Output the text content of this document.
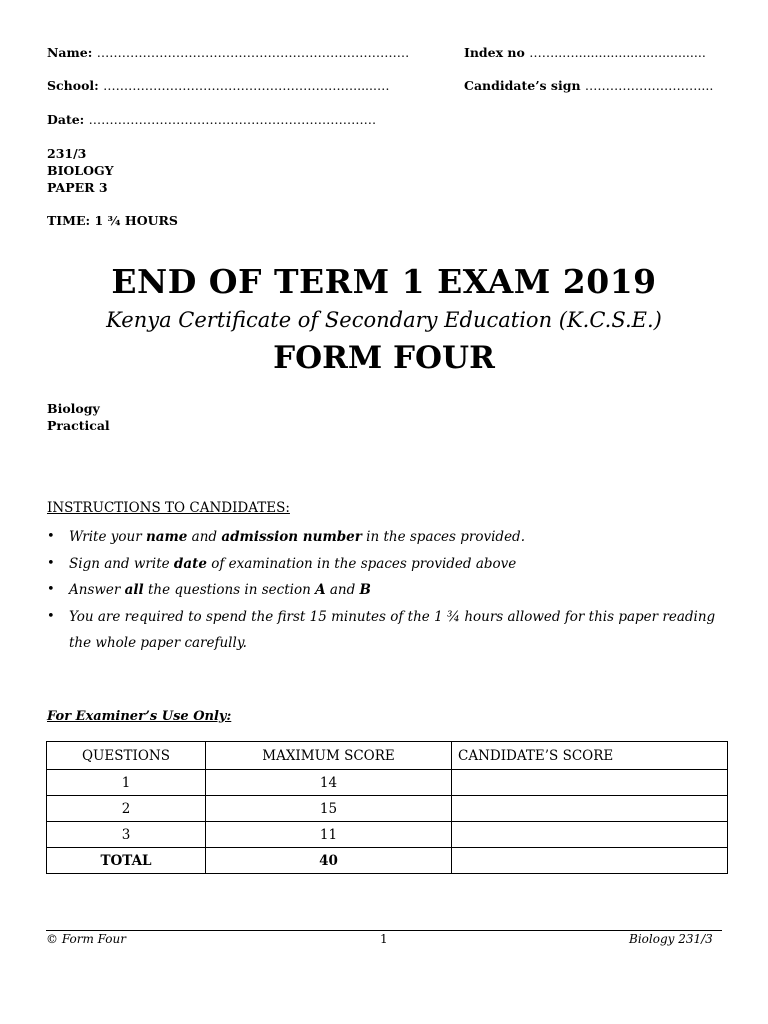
Name: …………………………………………………………………	Index no ……..….................................
School: ……………………………………………………......…	Candidate’s sign ………………………....
Date: ……………………………………………………………
231/3
BIOLOGY
PAPER 3
TIME: 1 ¾ HOURS
END OF TERM 1 EXAM 2019
Kenya Certificate of Secondary Education (K.C.S.E.)
FORM FOUR
Biology
Practical
INSTRUCTIONS TO CANDIDATES:
• Write your name and admission number in the spaces provided.
• Sign and write date of examination in the spaces provided above
• Answer all the questions in section A and B
• You are required to spend the first 15 minutes of the 1 ¾ hours allowed for this paper reading the whole paper carefully.
For Examiner’s Use Only:
QUESTIONS	MAXIMUM SCORE	CANDIDATE’S SCORE
1	14	
2	15	
3	11	
TOTAL	40	
© Form Four	1	Biology 231/3
